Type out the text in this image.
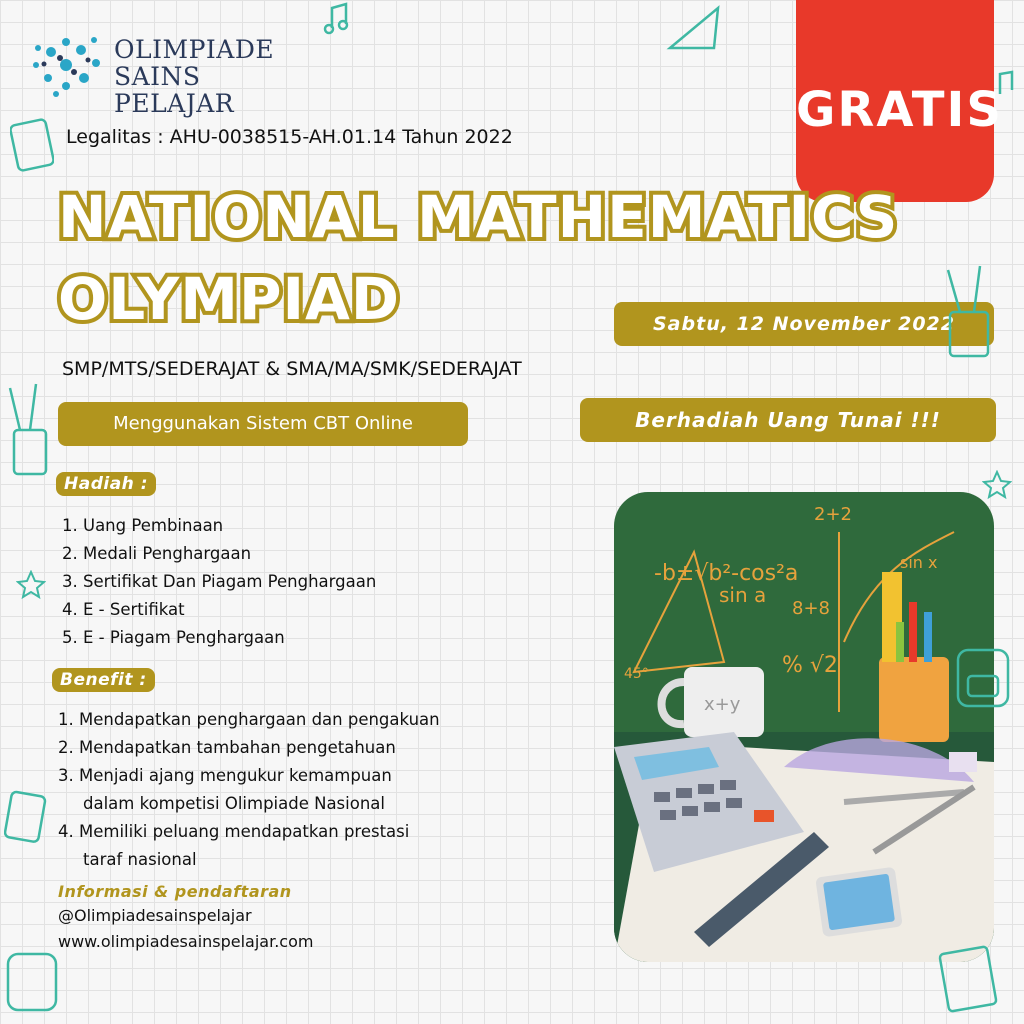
OLIMPIADE
SAINS PELAJAR	GRATIS
Legalitas : AHU-0038515-AH.01.14 Tahun 2022
NATIONAL MATHEMATICS
OLYMPIAD	Sabtu, 12 November 2022
SMP/MTS/SEDERAJAT & SMA/MA/SMK/SEDERAJAT
Menggunakan Sistem CBT Online	Berhadiah Uang Tunai !!!
Hadiah :
1. Uang Pembinaan
2. Medali Penghargaan
3. Sertifikat Dan Piagam Penghargaan
4. E - Sertifikat
5. E - Piagam Penghargaan
Benefit :
1. Mendapatkan penghargaan dan pengakuan
2. Mendapatkan tambahan pengetahuan
3. Menjadi ajang mengukur kemampuan
dalam kompetisi Olimpiade Nasional
4. Memiliki peluang mendapatkan prestasi
taraf nasional
Informasi & pendaftaran
@Olimpiadesainspelajar
www.olimpiadesainspelajar.com
-b±√b²-cos²a
sin a
2+2
8+8
% √2
sin x
45°
x+y
